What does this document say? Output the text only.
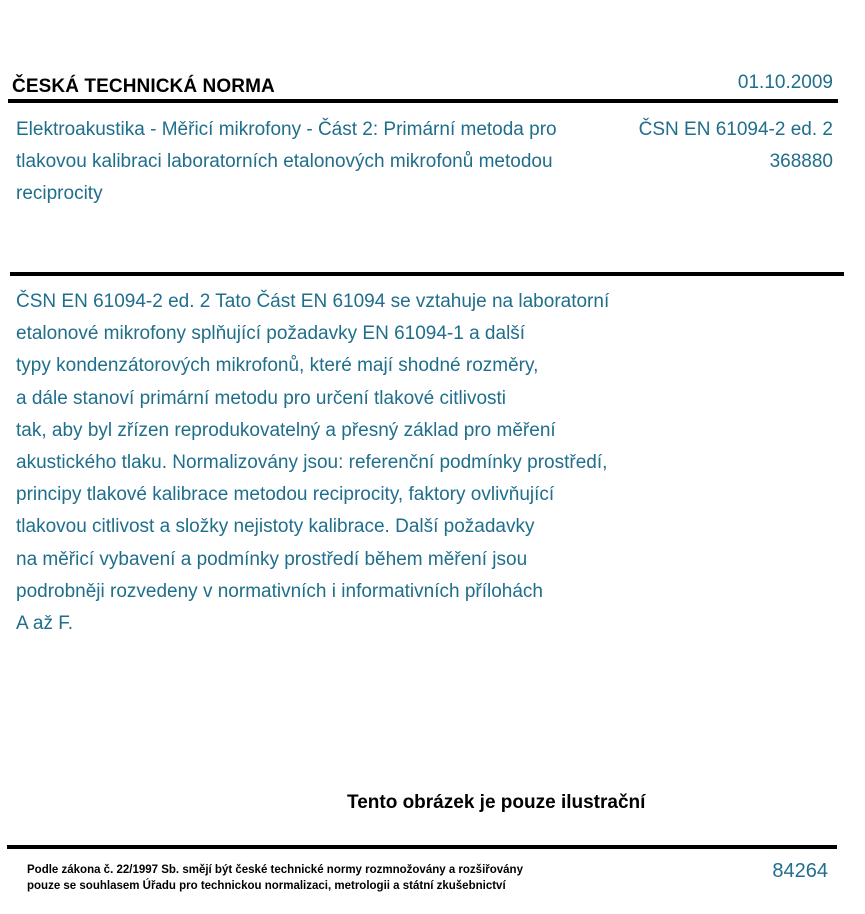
ČESKÁ TECHNICKÁ NORMA	01.10.2009
Elektroakustika - Měřicí mikrofony - Část 2: Primární metoda pro tlakovou kalibraci laboratorních etalonových mikrofonů metodou reciprocity
ČSN EN 61094-2 ed. 2
368880
ČSN EN 61094-2 ed. 2 Tato Část EN 61094 se vztahuje na laboratorní
etalonové mikrofony splňující požadavky EN 61094-1 a další
typy kondenzátorových mikrofonů, které mají shodné rozměry,
a dále stanoví primární metodu pro určení tlakové citlivosti
tak, aby byl zřízen reprodukovatelný a přesný základ pro měření
akustického tlaku. Normalizovány jsou: referenční podmínky prostředí,
principy tlakové kalibrace metodou reciprocity, faktory ovlivňující
tlakovou citlivost a složky nejistoty kalibrace. Další požadavky
na měřicí vybavení a podmínky prostředí během měření jsou
podrobněji rozvedeny v normativních i informativních přílohách
A až F.
Tento obrázek je pouze ilustrační
Podle zákona č. 22/1997 Sb. smějí být české technické normy rozmnožovány a rozšiřovány
pouze se souhlasem Úřadu pro technickou normalizaci, metrologii a státní zkušebnictví
84264
